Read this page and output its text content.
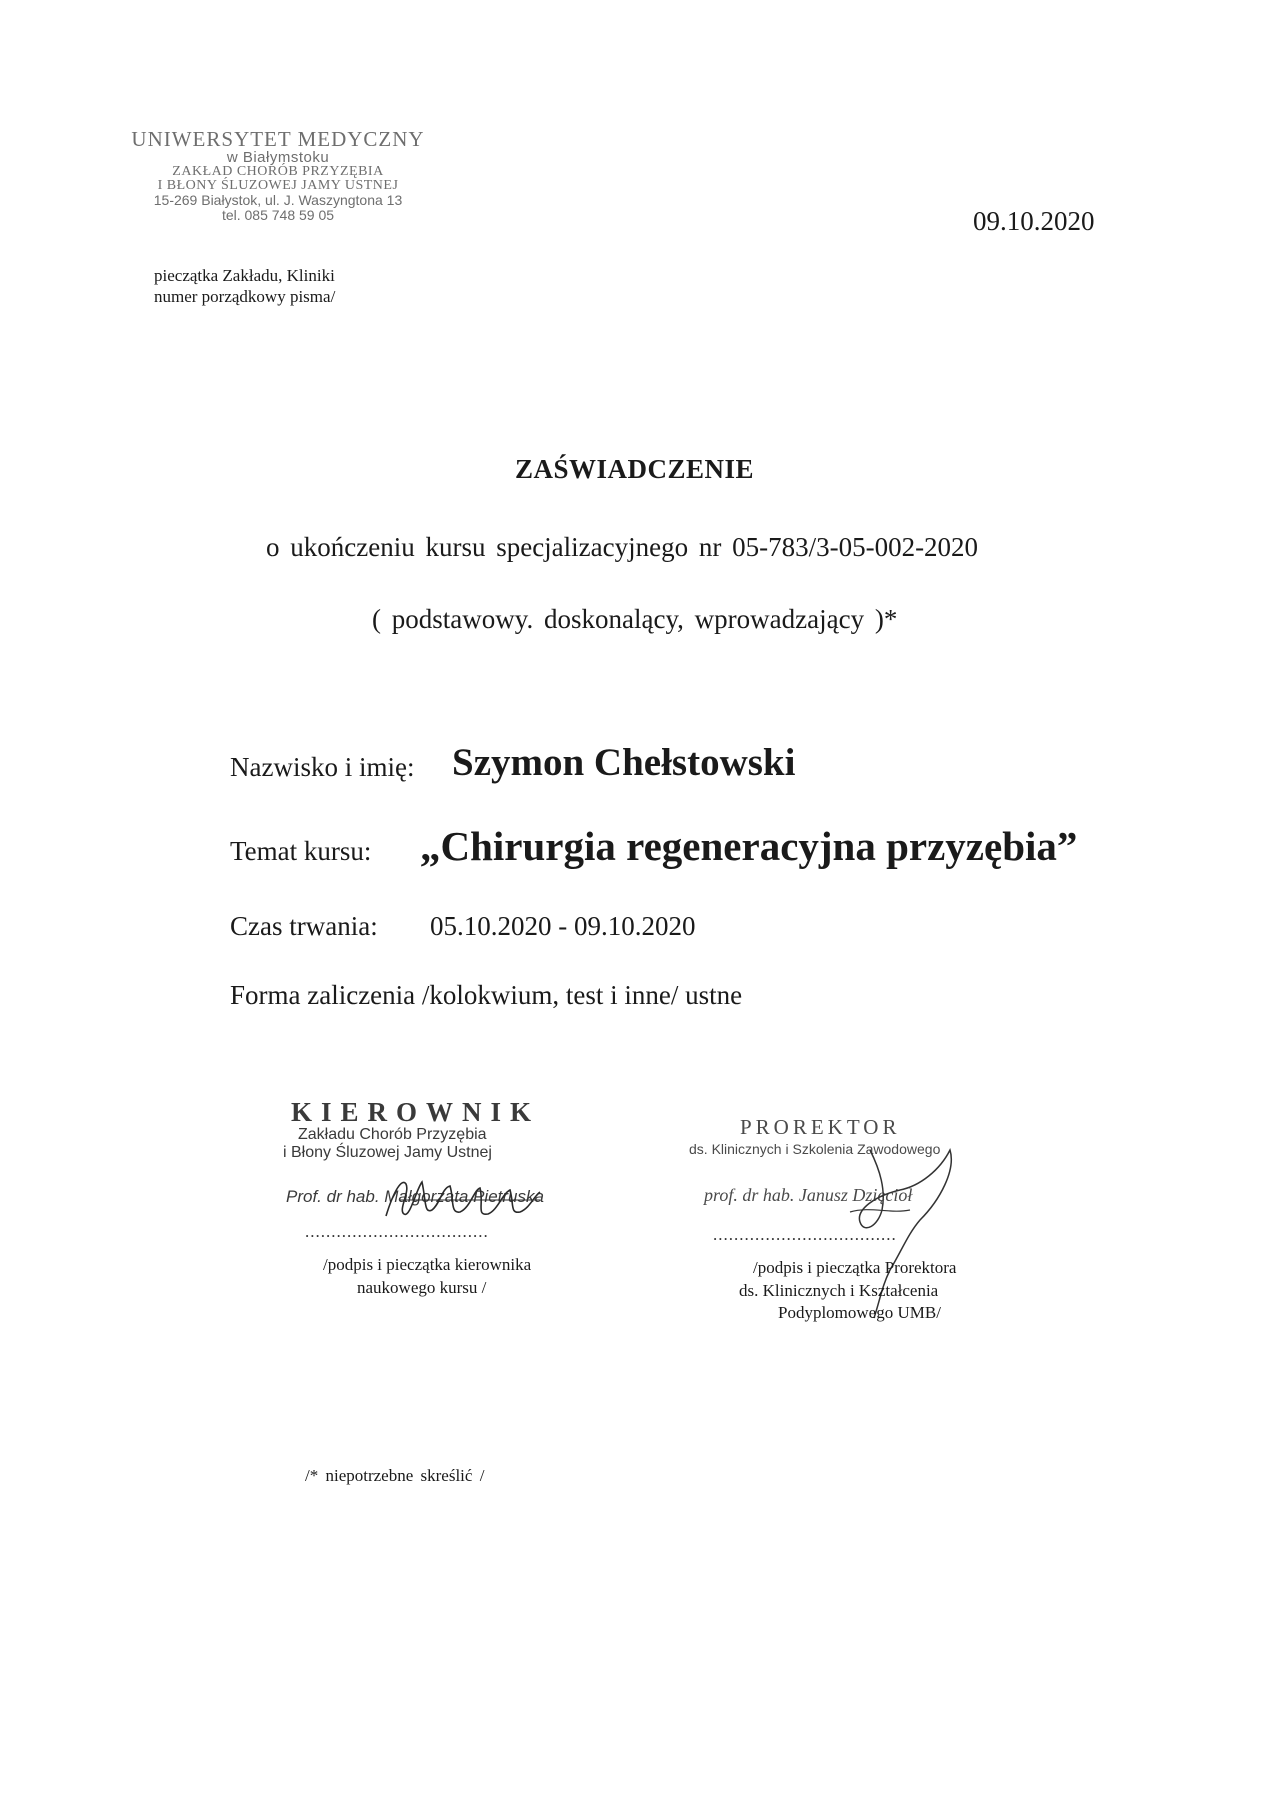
UNIWERSYTET MEDYCZNY
w Białymstoku
ZAKŁAD CHORÓB PRZYZĘBIA
I BŁONY ŚLUZOWEJ JAMY USTNEJ
15-269 Białystok, ul. J. Waszyngtona 13
tel. 085 748 59 05	09.10.2020
pieczątka Zakładu, Kliniki
numer porządkowy pisma/
ZAŚWIADCZENIE
o ukończeniu kursu specjalizacyjnego nr 05-783/3-05-002-2020
( podstawowy. doskonalący, wprowadzający )*
Nazwisko i imię: Szymon Chełstowski
Temat kursu: „Chirurgia regeneracyjna przyzębia”
Czas trwania: 05.10.2020 - 09.10.2020
Forma zaliczenia /kolokwium, test i inne/ ustne
KIEROWNIK
Zakładu Chorób Przyzębia
i Błony Śluzowej Jamy Ustnej
Prof. dr hab. Małgorzata Pietruska
...................................
/podpis i pieczątka kierownika
naukowego kursu /
PROREKTOR
ds. Klinicznych i Szkolenia Zawodowego
prof. dr hab. Janusz Dzięcioł
...................................
/podpis i pieczątka Prorektora
ds. Klinicznych i Kształcenia
Podyplomowego UMB/
/* niepotrzebne skreślić /
